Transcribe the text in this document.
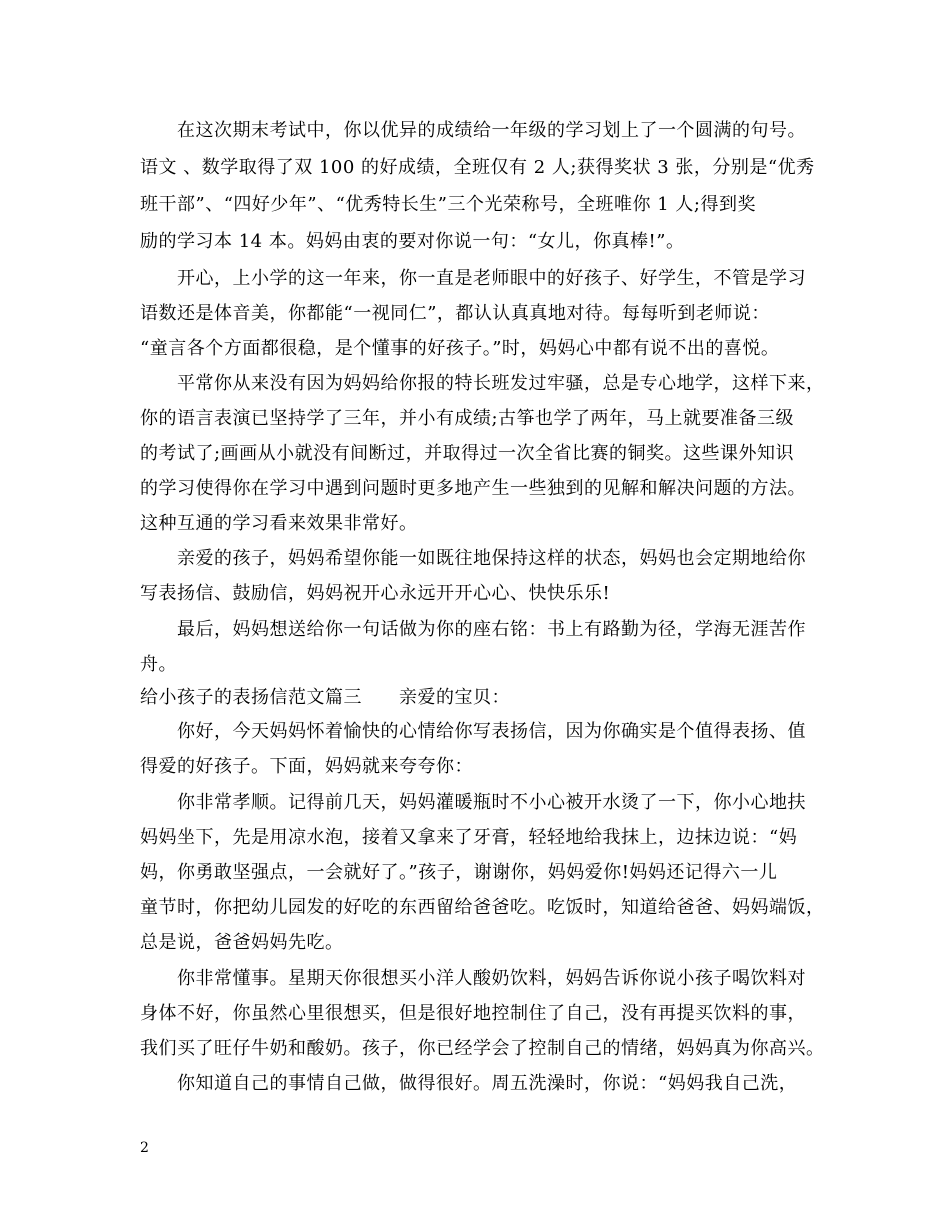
在这次期末考试中，你以优异的成绩给一年级的学习划上了一个圆满的句号。
语文 、数学取得了双 100 的好成绩，全班仅有 2 人;获得奖状 3 张，分别是“优秀
班干部”、“四好少年”、“优秀特长生”三个光荣称号，全班唯你 1 人;得到奖
励的学习本 14 本。妈妈由衷的要对你说一句：“女儿，你真棒!”。
开心，上小学的这一年来，你一直是老师眼中的好孩子、好学生，不管是学习
语数还是体音美，你都能“一视同仁”，都认认真真地对待。每每听到老师说：
“童言各个方面都很稳，是个懂事的好孩子。”时，妈妈心中都有说不出的喜悦。
平常你从来没有因为妈妈给你报的特长班发过牢骚，总是专心地学，这样下来，
你的语言表演已坚持学了三年，并小有成绩;古筝也学了两年，马上就要准备三级
的考试了;画画从小就没有间断过，并取得过一次全省比赛的铜奖。这些课外知识
的学习使得你在学习中遇到问题时更多地产生一些独到的见解和解决问题的方法。
这种互通的学习看来效果非常好。
亲爱的孩子，妈妈希望你能一如既往地保持这样的状态，妈妈也会定期地给你
写表扬信、鼓励信，妈妈祝开心永远开开心心、快快乐乐!
最后，妈妈想送给你一句话做为你的座右铭：书上有路勤为径，学海无涯苦作
舟。
给小孩子的表扬信范文篇三　　亲爱的宝贝：
你好，今天妈妈怀着愉快的心情给你写表扬信，因为你确实是个值得表扬、值
得爱的好孩子。下面，妈妈就来夸夸你：
你非常孝顺。记得前几天，妈妈灌暖瓶时不小心被开水烫了一下，你小心地扶
妈妈坐下，先是用凉水泡，接着又拿来了牙膏，轻轻地给我抹上，边抹边说：“妈
妈，你勇敢坚强点，一会就好了。”孩子，谢谢你，妈妈爱你!妈妈还记得六一儿
童节时，你把幼儿园发的好吃的东西留给爸爸吃。吃饭时，知道给爸爸、妈妈端饭，
总是说，爸爸妈妈先吃。
你非常懂事。星期天你很想买小洋人酸奶饮料，妈妈告诉你说小孩子喝饮料对
身体不好，你虽然心里很想买，但是很好地控制住了自己，没有再提买饮料的事，
我们买了旺仔牛奶和酸奶。孩子，你已经学会了控制自己的情绪，妈妈真为你高兴。
你知道自己的事情自己做，做得很好。周五洗澡时，你说：“妈妈我自己洗，
2
